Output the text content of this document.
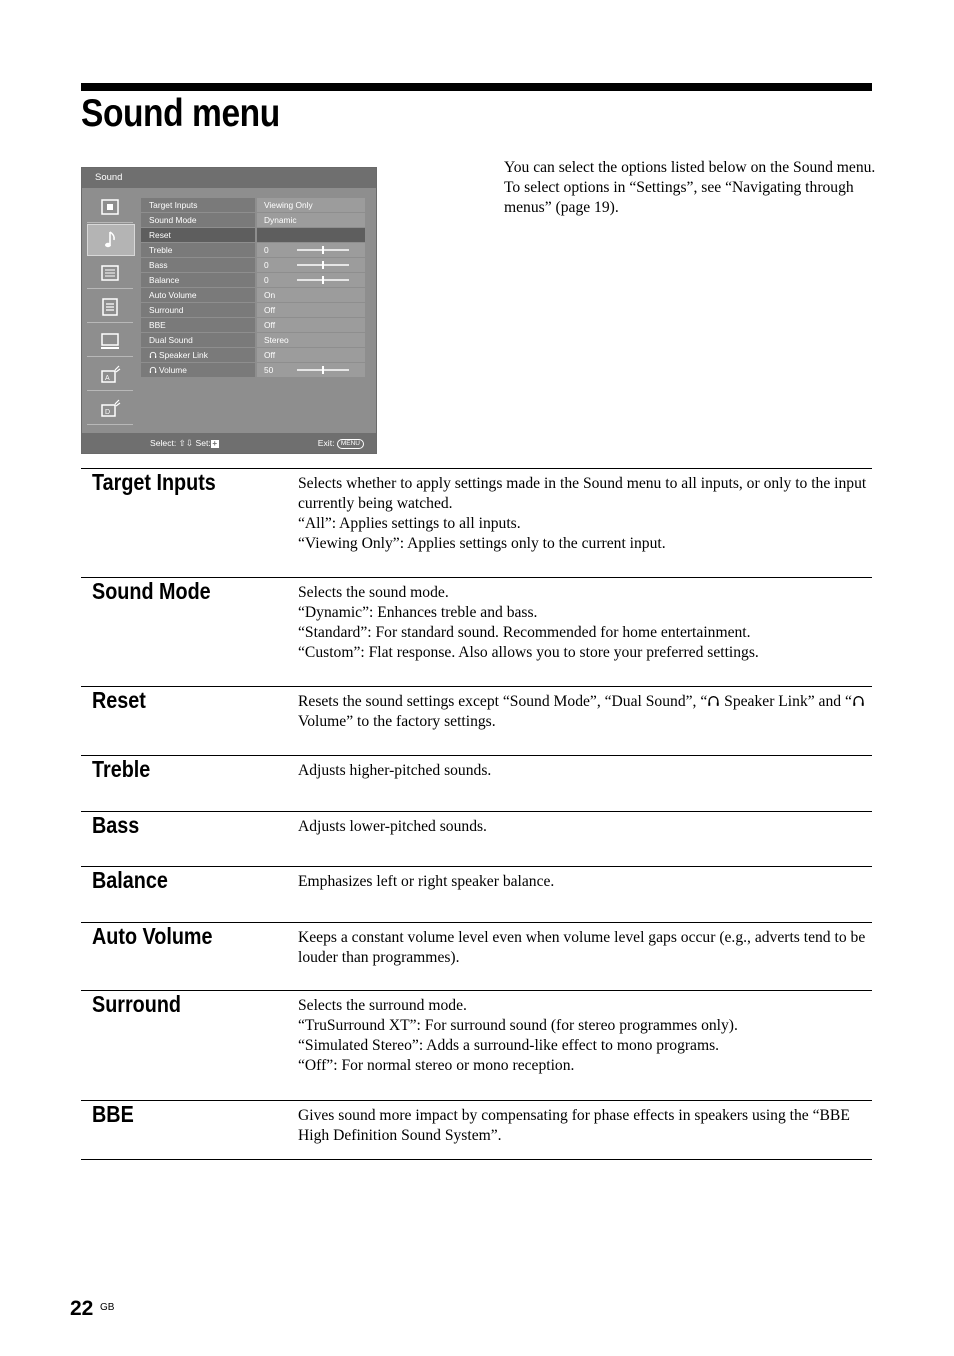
Sound menu

You can select the options listed below on the Sound menu. To select options in “Settings”, see “Navigating through menus” (page 19).

Sound
A
D
Target Inputs	Viewing Only
Sound Mode	Dynamic
Reset
Treble	0
Bass	0
Balance	0
Auto Volume	On
Surround	Off
BBE	Off
Dual Sound	Stereo
Speaker Link	Off
Volume	50
Select: ⇧⇩ Set: +	Exit: MENU
Target Inputs	Selects whether to apply settings made in the Sound menu to all inputs, or only to the input currently being watched.

“All”: Applies settings to all inputs.

“Viewing Only”: Applies settings only to the current input.

Sound Mode	Selects the sound mode.

“Dynamic”: Enhances treble and bass.

“Standard”: For standard sound. Recommended for home entertainment.

“Custom”: Flat response. Also allows you to store your preferred settings.

Reset	Resets the sound settings except “Sound Mode”, “Dual Sound”, “ Speaker Link” and “ Volume” to the factory settings.

Treble	Adjusts higher-pitched sounds.

Bass	Adjusts lower-pitched sounds.

Balance	Emphasizes left or right speaker balance.

Auto Volume	Keeps a constant volume level even when volume level gaps occur (e.g., adverts tend to be louder than programmes).

Surround	Selects the surround mode.

“TruSurround XT”: For surround sound (for stereo programmes only).

“Simulated Stereo”: Adds a surround-like effect to mono programs.

“Off”: For normal stereo or mono reception.

BBE	Gives sound more impact by compensating for phase effects in speakers using the “BBE High Definition Sound System”.

22 GB
